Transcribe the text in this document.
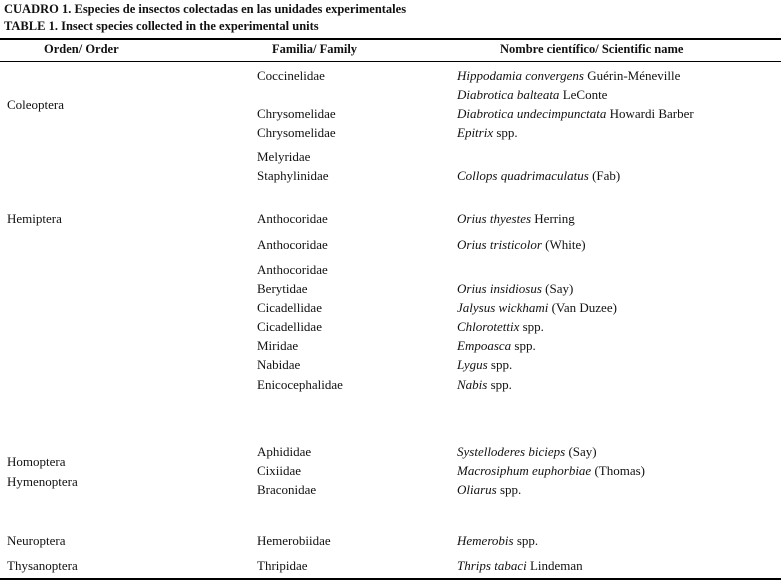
CUADRO 1. Especies de insectos colectadas en las unidades experimentales
TABLE 1. Insect species collected in the experimental units
Orden/ Order	Familia/ Family	Nombre científico/ Scientific name
Coleoptera
Hemiptera
Homoptera
Hymenoptera
Neuroptera
Thysanoptera
Coccinelidae
Chrysomelidae
Chrysomelidae
Melyridae
Staphylinidae
Anthocoridae
Anthocoridae
Anthocoridae
Berytidae
Cicadellidae
Cicadellidae
Miridae
Nabidae
Enicocephalidae
Aphididae
Cixiidae
Braconidae
Hemerobiidae
Thripidae
Hippodamia convergens Guérin-Méneville
Diabrotica balteata LeConte
Diabrotica undecimpunctata Howardi Barber
Epitrix spp.
Collops quadrimaculatus (Fab)
Orius thyestes Herring
Orius tristicolor (White)
Orius insidiosus (Say)
Jalysus wickhami (Van Duzee)
Chlorotettix spp.
Empoasca spp.
Lygus spp.
Nabis spp.
Systelloderes bicieps (Say)
Macrosiphum euphorbiae (Thomas)
Oliarus spp.
Hemerobis spp.
Thrips tabaci Lindeman
